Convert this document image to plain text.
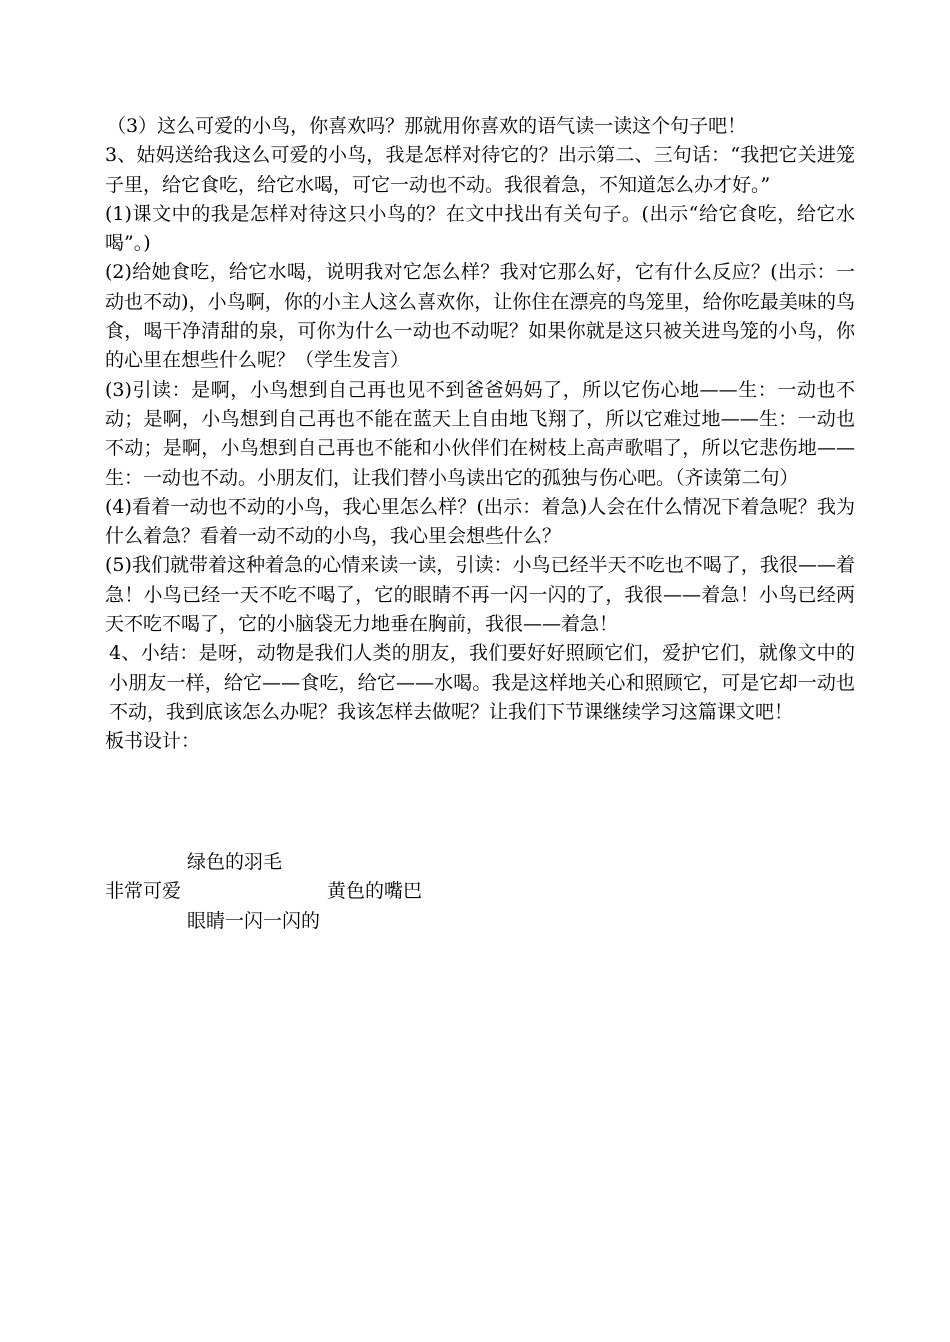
（3）这么可爱的小鸟，你喜欢吗？那就用你喜欢的语气读一读这个句子吧！

3、姑妈送给我这么可爱的小鸟，我是怎样对待它的？出示第二、三句话：“我把它关进笼子里，给它食吃，给它水喝，可它一动也不动。我很着急，不知道怎么办才好。”

(1)课文中的我是怎样对待这只小鸟的？在文中找出有关句子。(出示“给它食吃，给它水喝”。)

(2)给她食吃，给它水喝，说明我对它怎么样？我对它那么好，它有什么反应？(出示：一动也不动)，小鸟啊，你的小主人这么喜欢你，让你住在漂亮的鸟笼里，给你吃最美味的鸟食，喝干净清甜的泉，可你为什么一动也不动呢？如果你就是这只被关进鸟笼的小鸟，你的心里在想些什么呢？（学生发言）

(3)引读：是啊，小鸟想到自己再也见不到爸爸妈妈了，所以它伤心地——生：一动也不动；是啊，小鸟想到自己再也不能在蓝天上自由地飞翔了，所以它难过地——生：一动也不动；是啊，小鸟想到自己再也不能和小伙伴们在树枝上高声歌唱了，所以它悲伤地——生：一动也不动。小朋友们，让我们替小鸟读出它的孤独与伤心吧。（齐读第二句）

(4)看着一动也不动的小鸟，我心里怎么样？(出示：着急)人会在什么情况下着急呢？我为什么着急？看着一动不动的小鸟，我心里会想些什么？

(5)我们就带着这种着急的心情来读一读，引读：小鸟已经半天不吃也不喝了，我很——着急！小鸟已经一天不吃不喝了，它的眼睛不再一闪一闪的了，我很——着急！小鸟已经两天不吃不喝了，它的小脑袋无力地垂在胸前，我很——着急！

4、小结：是呀，动物是我们人类的朋友，我们要好好照顾它们，爱护它们，就像文中的小朋友一样，给它——食吃，给它——水喝。我是这样地关心和照顾它，可是它却一动也不动，我到底该怎么办呢？我该怎样去做呢？让我们下节课继续学习这篇课文吧！

板书设计：

绿色的羽毛
非常可爱	黄色的嘴巴
眼睛一闪一闪的
